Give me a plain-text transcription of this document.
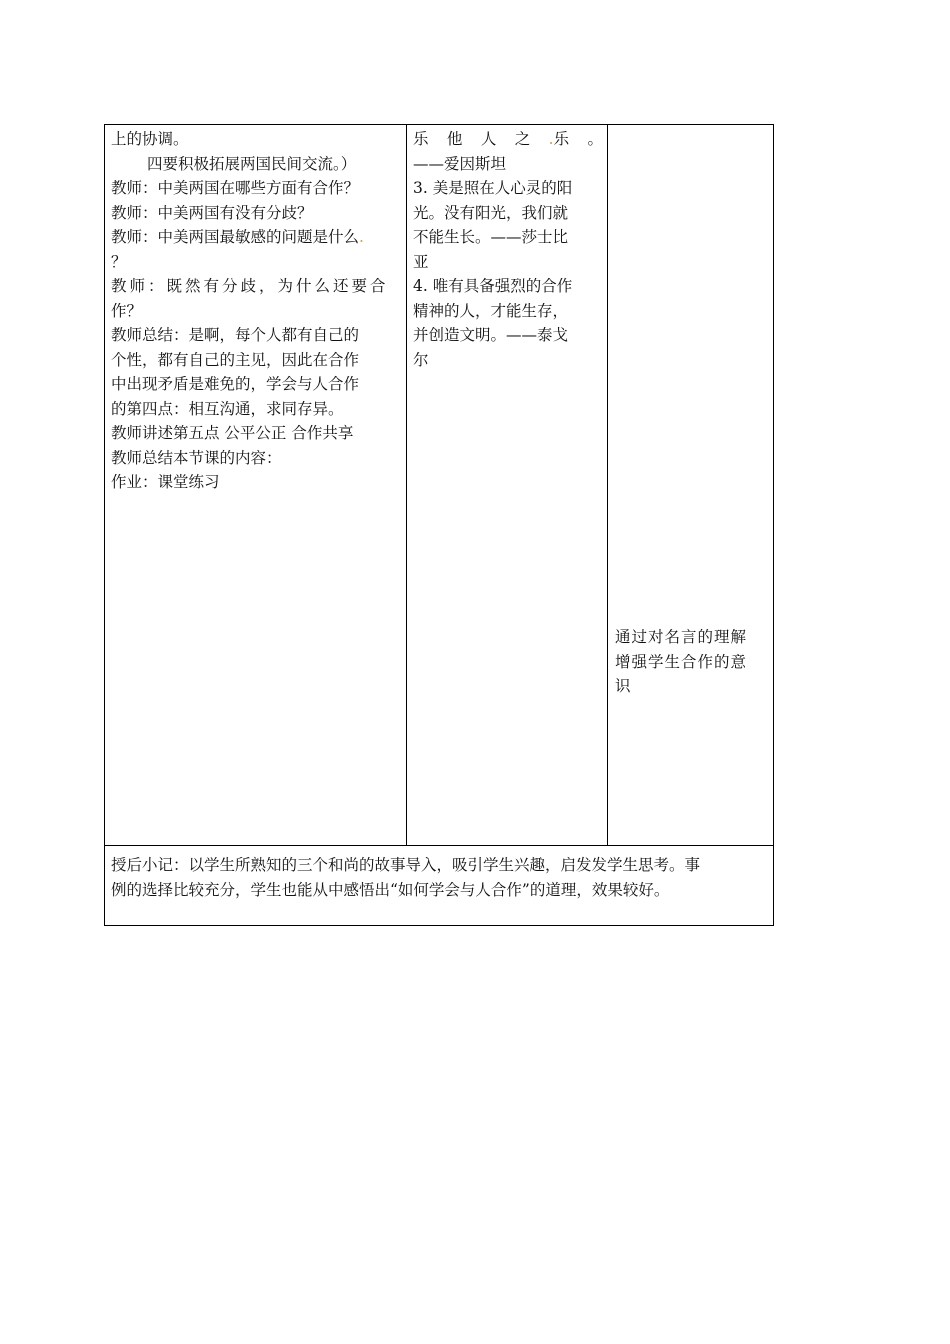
上的协调。
四要积极拓展两国民间交流。）
教师：中美两国在哪些方面有合作？
教师：中美两国有没有分歧？
教师：中美两国最敏感的问题是什么.
？
教师：既然有分歧，为什么还要合
作？
教师总结：是啊，每个人都有自己的
个性，都有自己的主见，因此在合作
中出现矛盾是难免的，学会与人合作
的第四点：相互沟通，求同存异。
教师讲述第五点 公平公正 合作共享
教师总结本节课的内容：
作业：课堂练习
乐 他 人 之 .乐 。
——爱因斯坦
3. 美是照在人心灵的阳
光。没有阳光，我们就
不能生长。——莎士比
亚
4. 唯有具备强烈的合作
精神的人，才能生存，
并创造文明。——泰戈
尔
通过对名言的理解
增强学生合作的意
识
授后小记：以学生所熟知的三个和尚的故事导入，吸引学生兴趣，启发发学生思考。事
例的选择比较充分，学生也能从中感悟出“如何学会与人合作”的道理，效果较好。
